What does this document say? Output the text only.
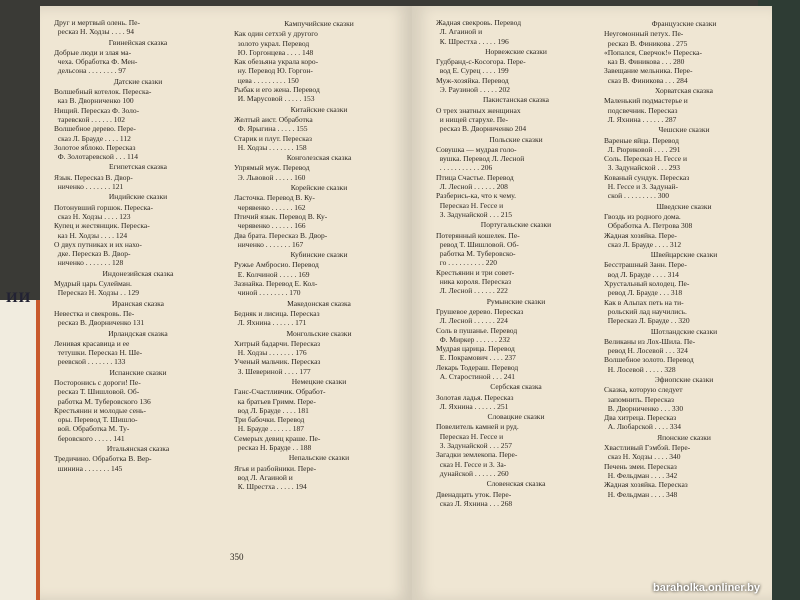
ИИ
Друг и мертвый олень. Пе-
ресказ Н. Ходзы . . . . 94
Гвинейская сказка
Добрые люди и злая ма-
чеха. Обработка Ф. Мен-
дельсона . . . . . . . . 97
Датские сказки
Волшебный котелок. Переска-
каз В. Дворниченко 100
Нищий. Пересказ Ф. Золо-
таревской . . . . . . 102
Волшебное дерево. Пере-
сказ Л. Брауде . . . . 112
Золотое яблоко. Пересказ
Ф. Золотаревской . . . 114
Египетская сказка
Язык. Пересказ В. Двор-
ниченко . . . . . . . 121
Индийские сказки
Потонувший горшок. Переска-
сказ Н. Ходзы . . . . 123
Купец и жестянщик. Переска-
каз Н. Ходзы . . . . 124
О двух путниках и их нахо-
дке. Пересказ В. Двор-
ниченко . . . . . . . 128
Индонезийская сказка
Мудрый царь Сулейман.
Пересказ Н. Ходзы . . 129
Иранская сказка
Невестка и свекровь. Пе-
ресказ В. Дворниченко 131
Ирландская сказка
Ленивая красавица и ее
тетушки. Пересказ Н. Ше-
реевской . . . . . . . 133
Испанские сказки
Посторонись с дороги! Пе-
ресказ Т. Шишловой. Об-
работка М. Туберовского 136
Крестьянин и молодые сень-
оры. Перевод Т. Шишло-
вой. Обработка М. Ту-
беровского . . . . . 141
Итальянская сказка
Тредичино. Обработка В. Вер-
шинина . . . . . . . 145
Кампучийские сказки
Как один сетхэй у другого
золото украл. Перевод
Ю. Горгонцева . . . . 148
Как обезьяна украла коро-
ну. Перевод Ю. Горгон-
цева . . . . . . . . . 150
Рыбак и его жена. Перевод
И. Марусовой . . . . . 153
Китайские сказки
Желтый аист. Обработка
Ф. Ярыгина . . . . . 155
Старик и плут. Пересказ
Н. Ходзы . . . . . . . 158
Конголезская сказка
Упрямый муж. Перевод
Э. Львовой . . . . . 160
Корейские сказки
Ласточка. Перевод В. Ку-
черявенко . . . . . . 162
Птичий язык. Перевод В. Ку-
черявенко . . . . . . 166
Два брата. Пересказ В. Двор-
ниченко . . . . . . . 167
Кубинские сказки
Ружье Амбросио. Перевод
Е. Колчиной . . . . . 169
Зазнайка. Перевод Е. Кол-
чиной . . . . . . . . 170
Македонская сказка
Бедняк и лисица. Пересказ
Л. Яхнина . . . . . . 171
Монгольские сказки
Хитрый бадарчи. Пересказ
Н. Ходзы . . . . . . . 176
Ученый мальчик. Пересказ
З. Шевериной . . . . 177
Немецкие сказки
Ганс-Счастливчик. Обработ-
ка братьев Гримм. Пере-
вод Л. Брауде . . . . 181
Три бабочки. Перевод
Н. Брауде . . . . . . 187
Семерых девиц краше. Пе-
ресказ Н. Брауде . . 188
Непальские сказки
Ягья и разбойники. Пере-
вод Л. Агаиной и
К. Шрестха . . . . . 194
350
Жадная свекровь. Перевод
Л. Агаиной и
К. Шрестха . . . . . 196
Норвежские сказки
Гудбранд-с-Косогора. Пере-
вод Е. Сурец . . . . 199
Муж-хозяйка. Перевод
Э. Раузиной . . . . . 202
Пакистанская сказка
О трех знатных женщинах
и нищей старухе. Пе-
ресказ В. Дворниченко 204
Польские сказки
Совушка — мудрая голо-
вушка. Перевод Л. Лесной
. . . . . . . . . . . 206
Птица Счастье. Перевод
Л. Лесной . . . . . . 208
Разберись-ка, что к чему.
Пересказ Н. Гессе и
З. Задунайской . . . 215
Португальские сказки
Потерянный кошелек. Пе-
ревод Т. Шишловой. Об-
работка М. Туберовско-
го . . . . . . . . . . 220
Крестьянин и три совет-
ника короля. Пересказ
Л. Лесной . . . . . . 222
Румынские сказки
Грушевое дерево. Пересказ
Л. Лесной . . . . . . 224
Соль в пушанье. Перевод
Ф. Миркер . . . . . . 232
Мудрая царица. Перевод
Е. Покрамович . . . . 237
Лекарь Тодераш. Перевод
А. Старостиной . . . 241
Сербская сказка
Золотая ладья. Пересказ
Л. Яхнина . . . . . . 251
Словацкие сказки
Повелитель камней и руд.
Пересказ Н. Гессе и
З. Задунайской . . . 257
Загадки землекопа. Пере-
сказ Н. Гессе и З. За-
дунайской . . . . . . 260
Словенская сказка
Двенадцать уток. Пере-
сказ Л. Яхнина . . . 268
Французские сказки
Неугомонный петух. Пе-
ресказ В. Финикова . 275
«Попался, Сверчок!» Переска-
каз В. Финикова . . . 280
Завещание мельника. Пере-
сказ В. Финикова . . . 284
Хорватская сказка
Маленький подмастерье и
подсвечник. Пересказ
Л. Яхнина . . . . . . 287
Чешские сказки
Вареные яйца. Перевод
Л. Рюриковой . . . . 291
Соль. Пересказ Н. Гессе и
З. Задунайской . . . 293
Кованый сундук. Пересказ
Н. Гессе и З. Задунай-
ской . . . . . . . . . 300
Шведские сказки
Гвоздь из родного дома.
Обработка А. Петрова 308
Жадная хозяйка. Пере-
сказ Л. Брауде . . . . 312
Швейцарские сказки
Бесстрашный Занн. Пере-
вод Л. Брауде . . . . 314
Хрустальный колодец. Пе-
ревод Л. Брауде . . . 318
Как в Альпах петь на ти-
рольский лад научились.
Пересказ Л. Брауде . . 320
Шотландские сказки
Великаны из Лох-Шила. Пе-
ревод Н. Лосевой . . . 324
Волшебное золото. Перевод
Н. Лосевой . . . . . 328
Эфиопские сказки
Сказка, которую следует
запомнить. Пересказ
В. Дворниченко . . . 330
Два хитреца. Пересказ
А. Любарской . . . . 334
Японские сказки
Хвастливый Гэмбэй. Пере-
сказ Н. Ходзы . . . . 340
Печень змеи. Пересказ
Н. Фельдман . . . . 342
Жадная хозяйка. Пересказ
Н. Фельдман . . . . 348
baraholka.onliner.by
